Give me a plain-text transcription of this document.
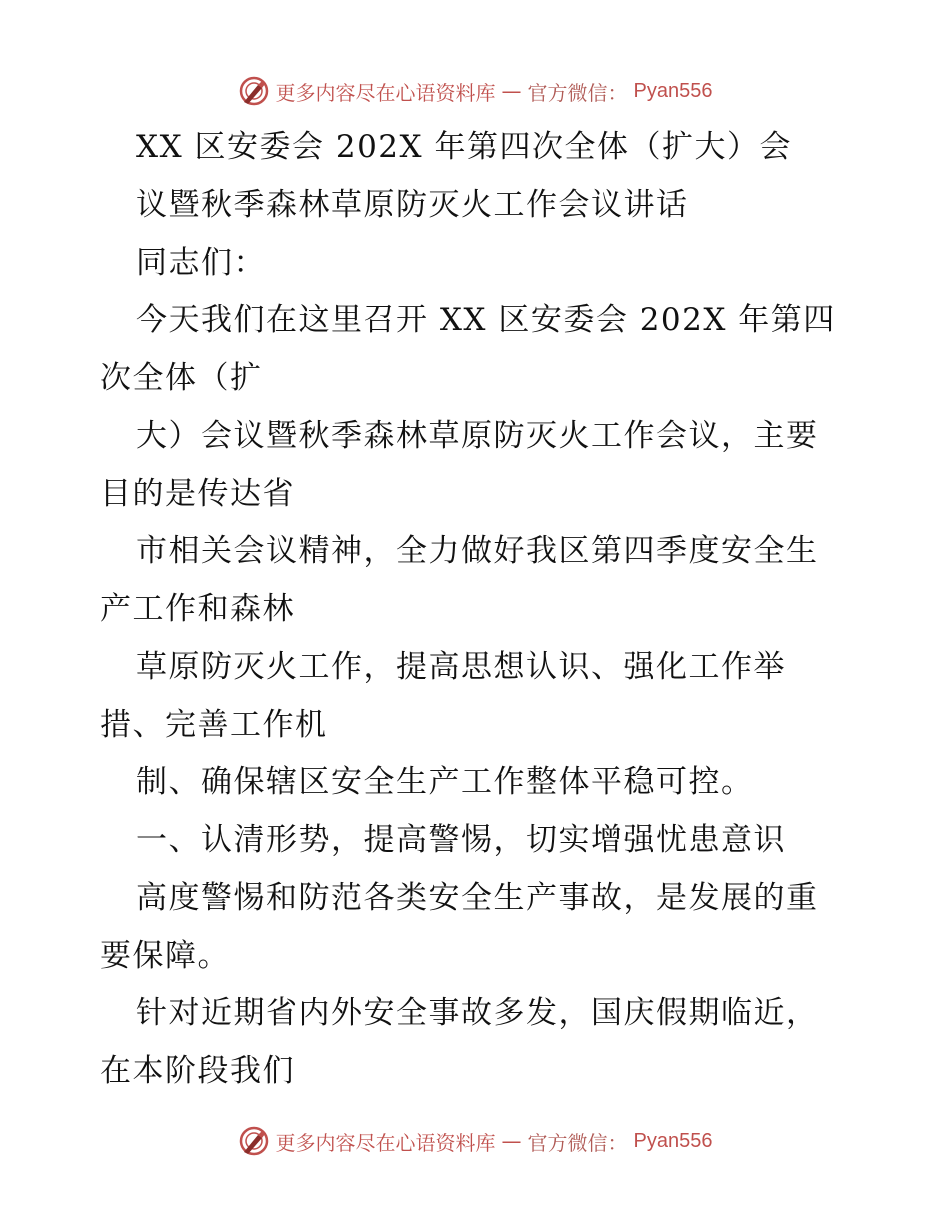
更多内容尽在心语资料库 — 官方微信： Pyan556
XX 区安委会 202X 年第四次全体（扩大）会
议暨秋季森林草原防灭火工作会议讲话
同志们：
今天我们在这里召开 XX 区安委会 202X 年第四
次全体（扩
大）会议暨秋季森林草原防灭火工作会议，主要
目的是传达省
市相关会议精神，全力做好我区第四季度安全生
产工作和森林
草原防灭火工作，提高思想认识、强化工作举
措、完善工作机
制、确保辖区安全生产工作整体平稳可控。
一、认清形势，提高警惕，切实增强忧患意识
高度警惕和防范各类安全生产事故，是发展的重
要保障。
针对近期省内外安全事故多发，国庆假期临近，
在本阶段我们
更多内容尽在心语资料库 — 官方微信： Pyan556
